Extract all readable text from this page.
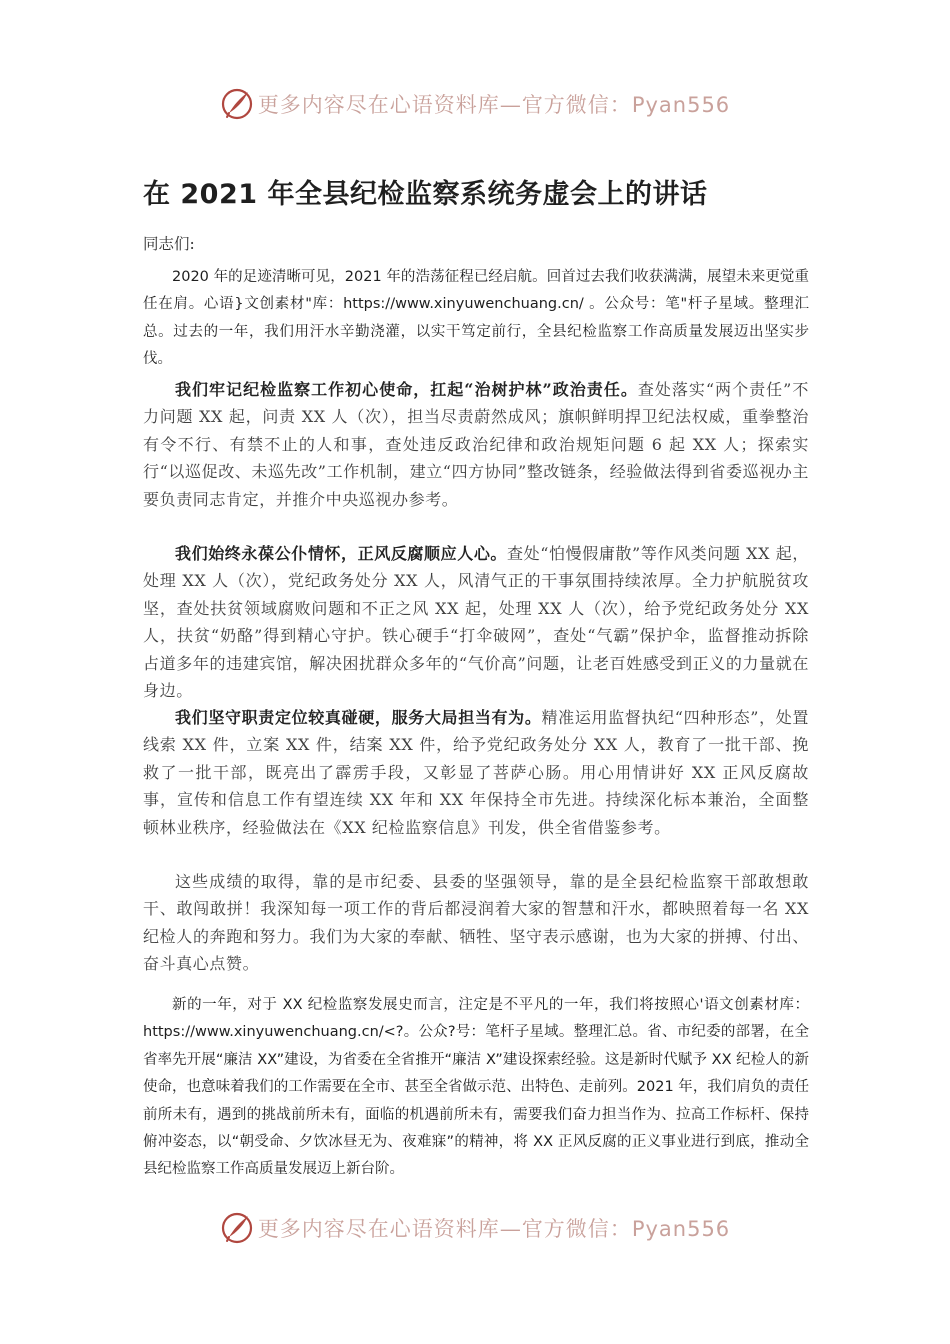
更多内容尽在心语资料库—官方微信：Pyan556
在 2021 年全县纪检监察系统务虚会上的讲话
同志们:

2020 年的足迹清晰可见，2021 年的浩荡征程已经启航。回首过去我们收获满满，展望未来更觉重任在肩。心语}文创素材"库：https://www.xinyuwenchuang.cn/ 。公众号：笔"杆子星域。整理汇总。过去的一年，我们用汗水辛勤浇灌，以实干笃定前行，全县纪检监察工作高质量发展迈出坚实步伐。

我们牢记纪检监察工作初心使命，扛起“治树护林”政治责任。查处落实“两个责任”不力问题 XX 起，问责 XX 人（次），担当尽责蔚然成风；旗帜鲜明捍卫纪法权威，重拳整治有令不行、有禁不止的人和事，查处违反政治纪律和政治规矩问题 6 起 XX 人；探索实行“以巡促改、未巡先改”工作机制，建立“四方协同”整改链条，经验做法得到省委巡视办主要负责同志肯定，并推介中央巡视办参考。

我们始终永葆公仆情怀，正风反腐顺应人心。查处“怕慢假庸散”等作风类问题 XX 起，处理 XX 人（次），党纪政务处分 XX 人，风清气正的干事氛围持续浓厚。全力护航脱贫攻坚，查处扶贫领域腐败问题和不正之风 XX 起，处理 XX 人（次），给予党纪政务处分 XX 人，扶贫“奶酪”得到精心守护。铁心硬手“打伞破网”，查处“气霸”保护伞，监督推动拆除占道多年的违建宾馆，解决困扰群众多年的“气价高”问题，让老百姓感受到正义的力量就在身边。

我们坚守职责定位较真碰硬，服务大局担当有为。精准运用监督执纪“四种形态”，处置线索 XX 件，立案 XX 件，结案 XX 件，给予党纪政务处分 XX 人，教育了一批干部、挽救了一批干部，既亮出了霹雳手段，又彰显了菩萨心肠。用心用情讲好 XX 正风反腐故事，宣传和信息工作有望连续 XX 年和 XX 年保持全市先进。持续深化标本兼治，全面整顿林业秩序，经验做法在《XX 纪检监察信息》刊发，供全省借鉴参考。

这些成绩的取得，靠的是市纪委、县委的坚强领导，靠的是全县纪检监察干部敢想敢干、敢闯敢拼！我深知每一项工作的背后都浸润着大家的智慧和汗水，都映照着每一名 XX 纪检人的奔跑和努力。我们为大家的奉献、牺牲、坚守表示感谢，也为大家的拼搏、付出、奋斗真心点赞。

新的一年，对于 XX 纪检监察发展史而言，注定是不平凡的一年，我们将按照心'语文创素材库：https://www.xinyuwenchuang.cn/<?。公众?号：笔杆子星域。整理汇总。省、市纪委的部署，在全省率先开展“廉洁 XX”建设，为省委在全省推开“廉洁 X”建设探索经验。这是新时代赋予 XX 纪检人的新使命，也意味着我们的工作需要在全市、甚至全省做示范、出特色、走前列。2021 年，我们肩负的责任前所未有，遇到的挑战前所未有，面临的机遇前所未有，需要我们奋力担当作为、拉高工作标杆、保持俯冲姿态，以“朝受命、夕饮冰昼无为、夜难寐”的精神，将 XX 正风反腐的正义事业进行到底，推动全县纪检监察工作高质量发展迈上新台阶。

更多内容尽在心语资料库—官方微信：Pyan556
